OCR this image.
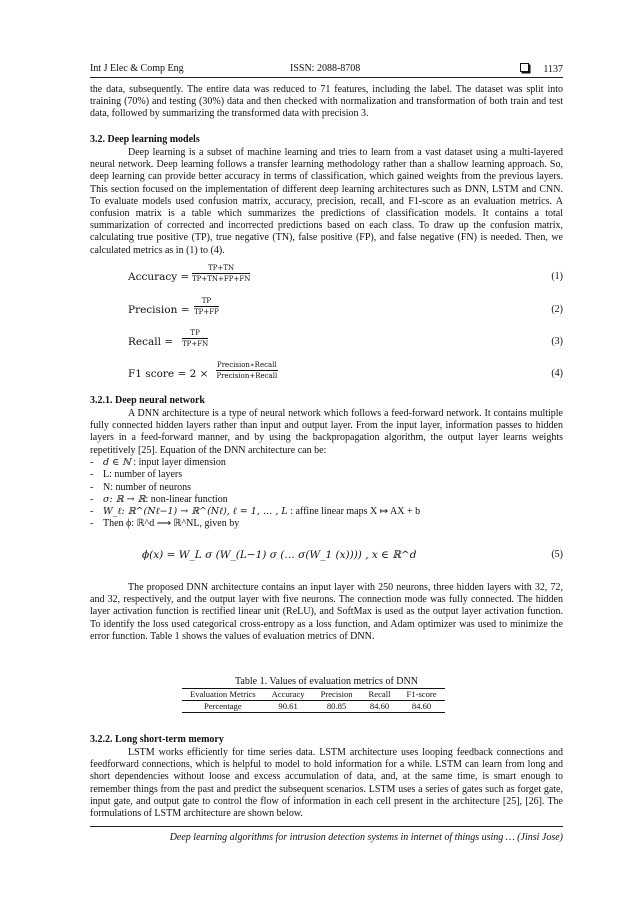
Int J Elec & Comp Eng	ISSN: 2088-8708	1137

the data, subsequently. The entire data was reduced to 71 features, including the label. The dataset was split into training (70%) and testing (30%) data and then checked with normalization and transformation of both train and test data, followed by summarizing the transformed data with precision 3.

3.2. Deep learning models

Deep learning is a subset of machine learning and tries to learn from a vast dataset using a multi-layered neural network. Deep learning follows a transfer learning methodology rather than a shallow learning approach. So, deep learning can provide better accuracy in terms of classification, which gained weights from the previous layers. This section focused on the implementation of different deep learning architectures such as DNN, LSTM and CNN. To evaluate models used confusion matrix, accuracy, precision, recall, and F1-score as an evaluation metrics. A confusion matrix is a table which summarizes the predictions of classification models. It contains a total summarization of corrected and incorrected predictions based on each class. To draw up the confusion matrix, calculating true positive (TP), true negative (TN), false positive (FP), and false negative (FN) is needed. Then, we calculated metrics as in (1) to (4).

Accuracy = $\frac{TP+TN}{TP+TN+FP+FN}$	(1)
Precision = $\frac{TP}{TP+FP}$	(2)
Recall = $\frac{TP}{TP+FN}$	(3)
F1 score = 2 ×
Precision∗Recall
Precision+Recall	(4)
3.2.1. Deep neural network

A DNN architecture is a type of neural network which follows a feed-forward network. It contains multiple fully connected hidden layers rather than input and output layer. From the input layer, information passes to hidden layers in a feed-forward manner, and by using the backpropagation algorithm, the output layer learns weights repetitively [25]. Equation of the DNN architecture can be:

- d ∈ ℕ : input layer dimension
- L: number of layers
- N: number of neurons
- σ: ℝ → ℝ: non-linear function
- W_ℓ: ℝ^(Nℓ−1) → ℝ^(Nℓ), ℓ = 1, … , L : affine linear maps X ↦ AX + b
- Then ϕ: ℝ^d ⟶ ℝ^NL, given by
ϕ(x) = W_L σ (W_(L−1) σ (… σ(W_1 (x)))) , x ∈ ℝ^d	(5)

The proposed DNN architecture contains an input layer with 250 neurons, three hidden layers with 32, 72, and 32, respectively, and the output layer with five neurons. The connection mode was fully connected. The hidden layer activation function is rectified linear unit (ReLU), and SoftMax is used as the output layer activation function. To identify the loss used categorical cross-entropy as a loss function, and Adam optimizer was used to minimize the error function. Table 1 shows the values of evaluation metrics of DNN.

Table 1. Values of evaluation metrics of DNN
Evaluation Metrics	Accuracy	Precision	Recall	F1-score
Percentage	90.61	80.85	84.60	84.60
3.2.2. Long short-term memory

LSTM works efficiently for time series data. LSTM architecture uses looping feedback connections and feedforward connections, which is helpful to model to hold information for a while. LSTM can learn from long and short dependencies without loose and excess accumulation of data, and, at the same time, is smart enough to remember things from the past and predict the subsequent scenarios. LSTM uses a series of gates such as forget gate, input gate, and output gate to control the flow of information in each cell present in the architecture [25], [26]. The formulations of LSTM architecture are shown below.

Deep learning algorithms for intrusion detection systems in internet of things using … (Jinsi Jose)
